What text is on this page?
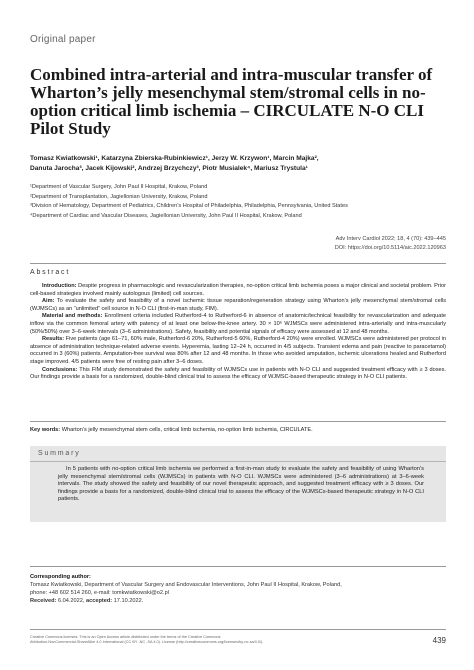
Original paper
Combined intra-arterial and intra-muscular transfer of Wharton’s jelly mesenchymal stem/stromal cells in no-option critical limb ischemia – CIRCULATE N-O CLI Pilot Study
Tomasz Kwiatkowski¹, Katarzyna Zbierska-Rubinkiewicz¹, Jerzy W. Krzywon¹, Marcin Majka²,
Danuta Jarocha³, Jacek Kijowski², Andrzej Brzychczy³, Piotr Musialek⁴, Mariusz Trystula¹
¹Department of Vascular Surgery, John Paul II Hospital, Krakow, Poland
²Department of Transplantation, Jagiellonian University, Krakow, Poland
³Division of Hematology, Department of Pediatrics, Children’s Hospital of Philadelphia, Philadelphia, Pennsylvania, United States
⁴Department of Cardiac and Vascular Diseases, Jagiellonian University, John Paul II Hospital, Krakow, Poland
Adv Interv Cardiol 2022; 18, 4 (70): 439–445
DOI: https://doi.org/10.5114/aic.2022.120963
Abstract

Introduction: Despite progress in pharmacologic and revascularization therapies, no-option critical limb ischemia poses a major clinical and societal problem. Prior cell-based strategies involved mainly autologous (limited) cell sources.

Aim: To evaluate the safety and feasibility of a novel ischemic tissue reparation/regeneration strategy using Wharton’s jelly mesenchymal stem/stromal cells (WJMSCs) as an “unlimited” cell source in N-O CLI (first-in-man study, FIM).

Material and methods: Enrollment criteria included Rutherford-4 to Rutherford-6 in absence of anatomic/technical feasibility for revascularization and adequate inflow via the common femoral artery with patency of at least one below-the-knee artery. 30 × 10⁶ WJMSCs were administered intra-arterially and intra-muscularly (50%/50%) over 3–6-week intervals (3–6 administrations). Safety, feasibility and potential signals of efficacy were assessed at 12 and 48 months.

Results: Five patients (age 61–71, 60% male, Rutherford-6 20%, Rutherford-5 60%, Rutherford-4 20%) were enrolled. WJMSCs were administered per protocol in absence of administration technique-related adverse events. Hyperemia, lasting 12–24 h, occurred in 4/5 subjects. Transient edema and pain (reactive to paracetamol) occurred in 3 (60%) patients. Amputation-free survival was 80% after 12 and 48 months. In those who avoided amputation, ischemic ulcerations healed and Rutherford stage improved. 4/5 patients were free of resting pain after 3–6 doses.

Conclusions: This FIM study demonstrated the safety and feasibility of WJMSCs use in patients with N-O CLI and suggested treatment efficacy with ≥ 3 doses. Our findings provide a basis for a randomized, double-blind clinical trial to assess the efficacy of WJMSC-based therapeutic strategy in N-O CLI patients.

Key words: Wharton’s jelly mesenchymal stem cells, critical limb ischemia, no-option limb ischemia, CIRCULATE.
Summary
In 5 patients with no-option critical limb ischemia we performed a first-in-man study to evaluate the safety and feasibility of using Wharton’s jelly mesenchymal stem/stromal cells (WJMSCs) in patients with N-O CLI. WJMSCs were administered (3–6 administrations) at 3–6-week intervals. The study showed the safety and feasibility of our novel therapeutic approach, and suggested treatment efficacy with ≥ 3 doses. Our findings provide a basis for a randomized, double-blind clinical trial to assess the efficacy of the WJMSCs-based therapeutic strategy in N-O CLI patients.
Corresponding author:
Tomasz Kwiatkowski, Department of Vascular Surgery and Endovascular Interventions, John Paul II Hospital, Krakow, Poland,
phone: +48 602 514 260, e-mail: tomkwiatkowski@o2.pl
Received: 6.04.2022, accepted: 17.10.2022.
Creative Commons licenses: This is an Open Access article distributed under the terms of the Creative Commons
Attribution-NonCommercial-ShareAlike 4.0 International (CC BY -NC -SA 4.0). License (http://creativecommons.org/licenses/by-nc-sa/4.0/).	439
